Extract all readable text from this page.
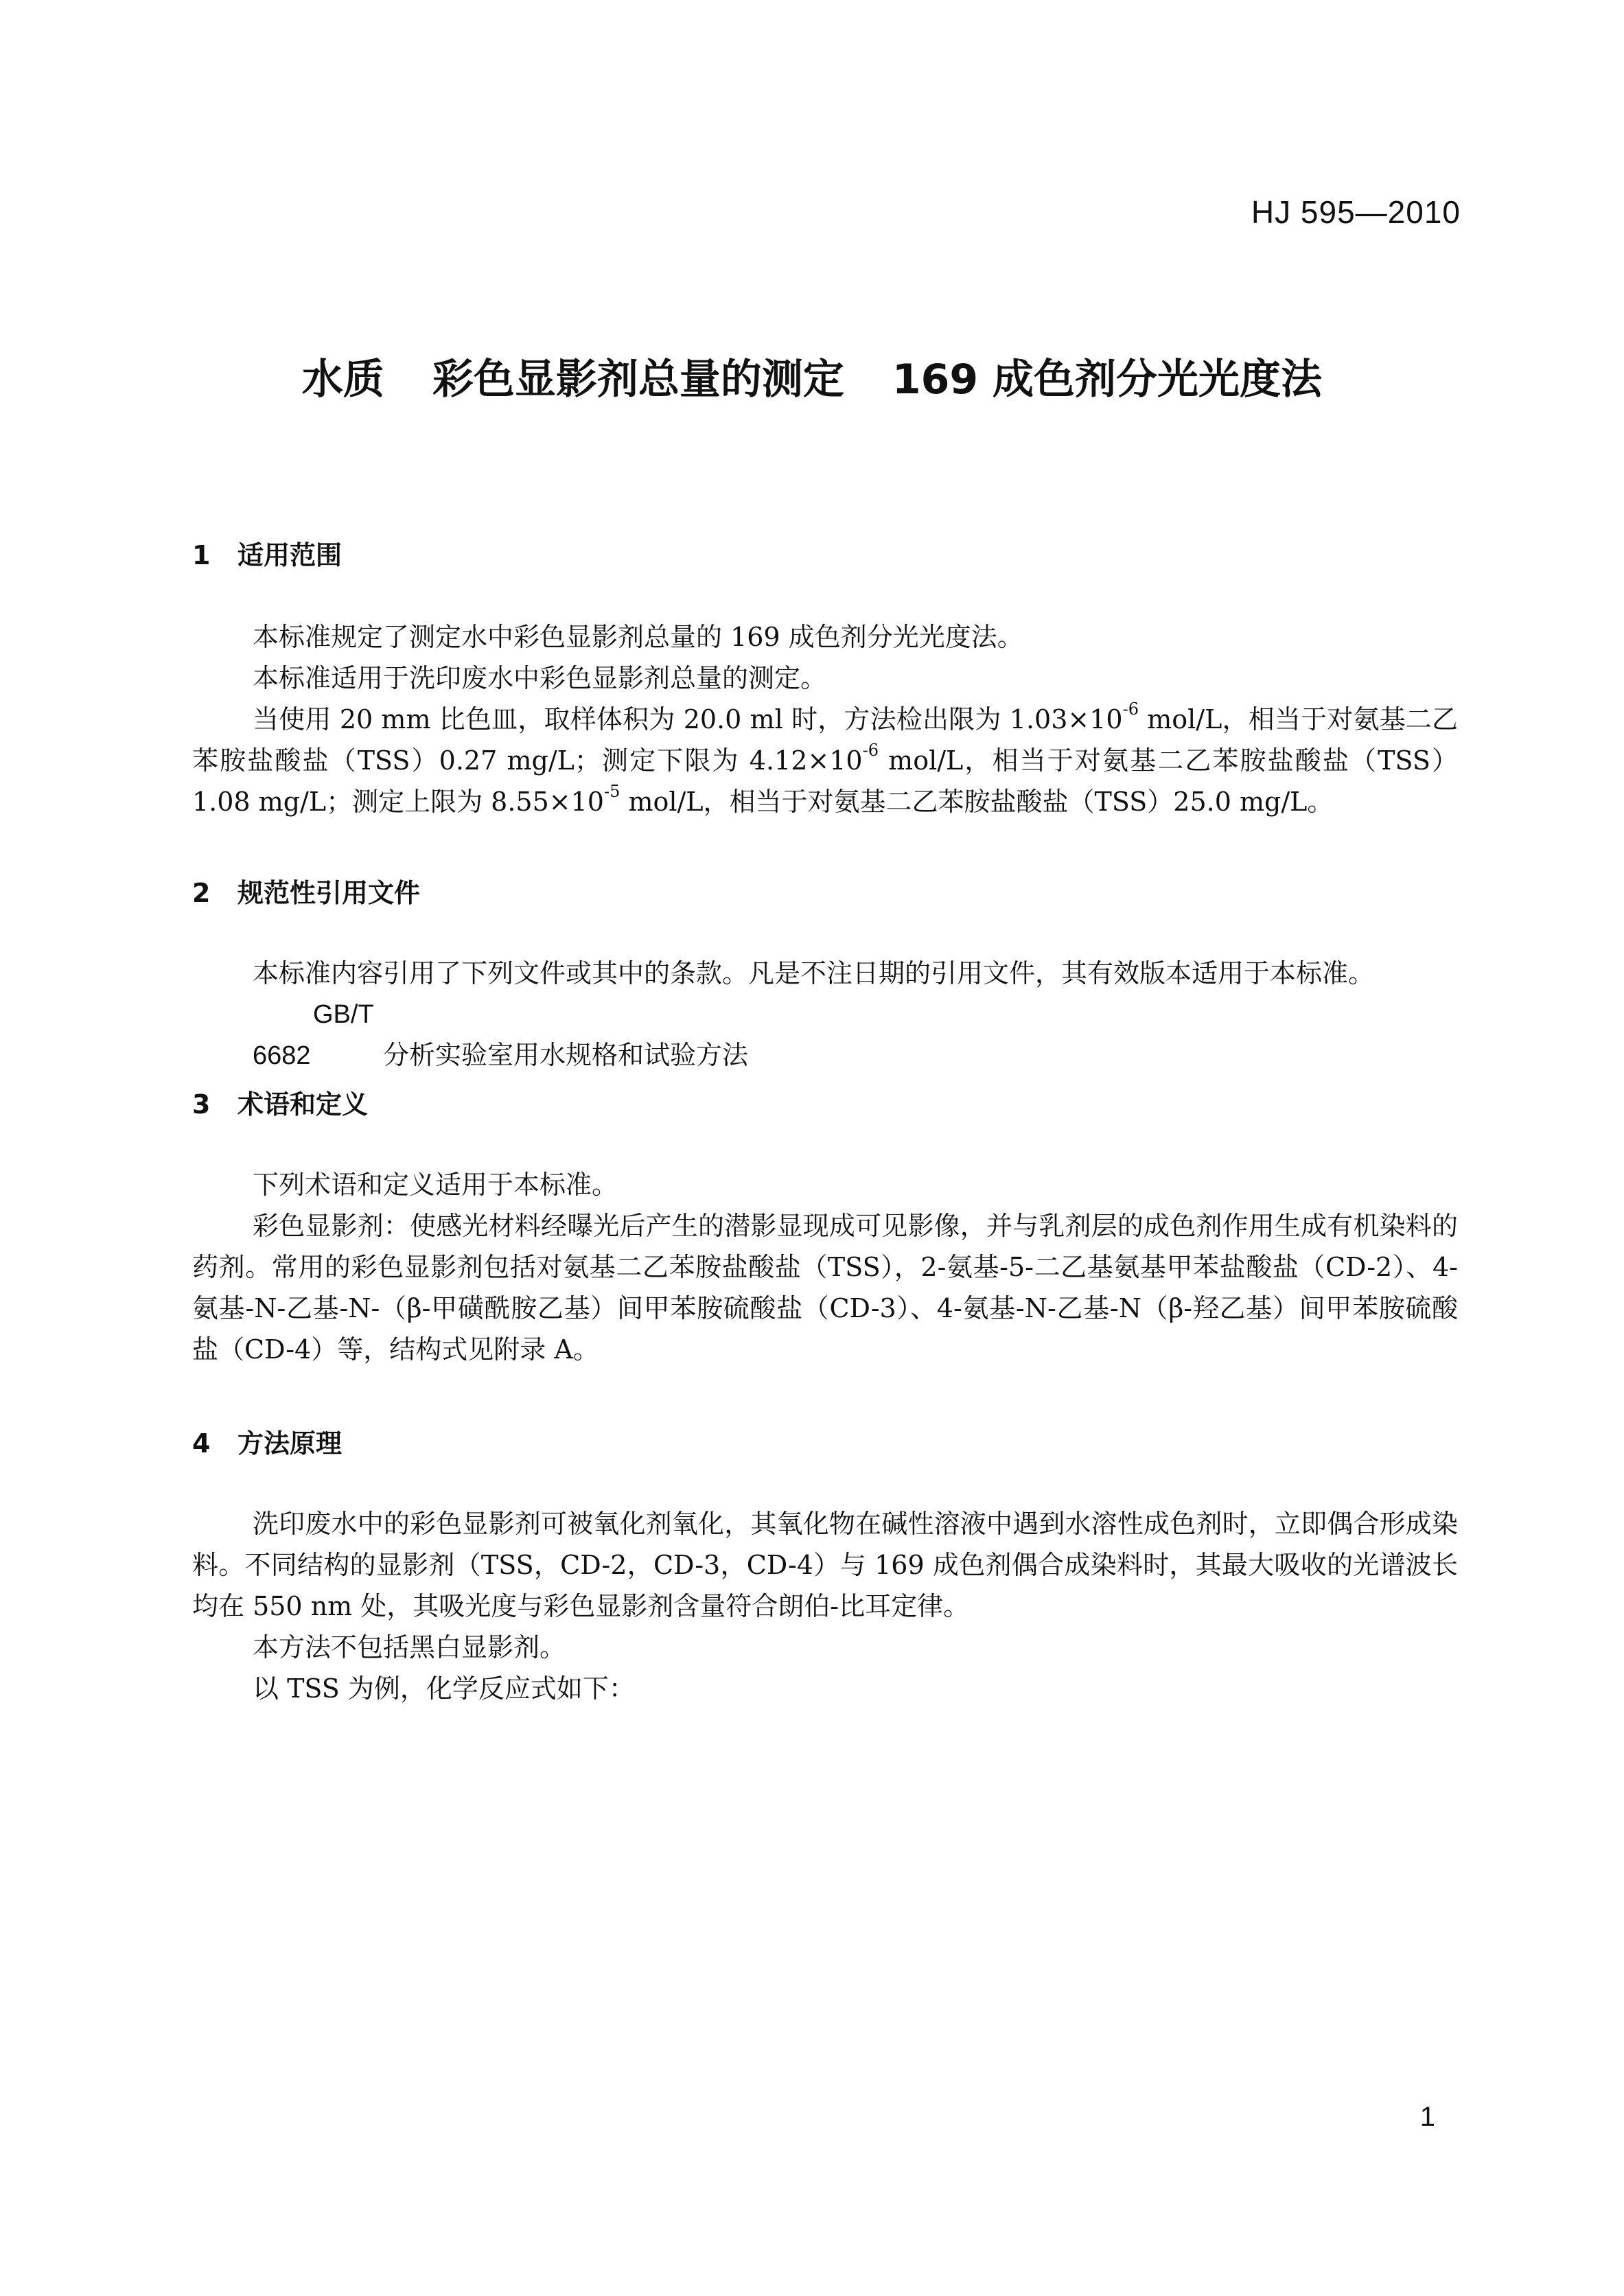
HJ 595—2010
水质 彩色显影剂总量的测定 169 成色剂分光光度法
1 适用范围

本标准规定了测定水中彩色显影剂总量的 169 成色剂分光光度法。

本标准适用于洗印废水中彩色显影剂总量的测定。

当使用 20 mm 比色皿，取样体积为 20.0 ml 时，方法检出限为 $1.03\times 10^{-6}$ mol/L，相当于对氨基二乙苯胺盐酸盐（TSS）0.27 mg/L；测定下限为 $4.12\times 10^{-6}$ mol/L，相当于对氨基二乙苯胺盐酸盐（TSS）1.08 mg/L；测定上限为 $8.55\times 10^{-5}$ mol/L，相当于对氨基二乙苯胺盐酸盐（TSS）25.0 mg/L。

2 规范性引用文件

本标准内容引用了下列文件或其中的条款。凡是不注日期的引用文件，其有效版本适用于本标准。

GB/T 6682	分析实验室用水规格和试验方法

3 术语和定义

下列术语和定义适用于本标准。

彩色显影剂：使感光材料经曝光后产生的潜影显现成可见影像，并与乳剂层的成色剂作用生成有机染料的药剂。常用的彩色显影剂包括对氨基二乙苯胺盐酸盐（TSS），2-氨基-5-二乙基氨基甲苯盐酸盐（CD-2）、4-氨基-N-乙基-N-（β-甲磺酰胺乙基）间甲苯胺硫酸盐（CD-3）、4-氨基-N-乙基-N（β-羟乙基）间甲苯胺硫酸盐（CD-4）等，结构式见附录 A。

4 方法原理

洗印废水中的彩色显影剂可被氧化剂氧化，其氧化物在碱性溶液中遇到水溶性成色剂时，立即偶合形成染料。不同结构的显影剂（TSS，CD-2，CD-3，CD-4）与 169 成色剂偶合成染料时，其最大吸收的光谱波长均在 550 nm 处，其吸光度与彩色显影剂含量符合朗伯-比耳定律。

本方法不包括黑白显影剂。

以 TSS 为例，化学反应式如下：

1
